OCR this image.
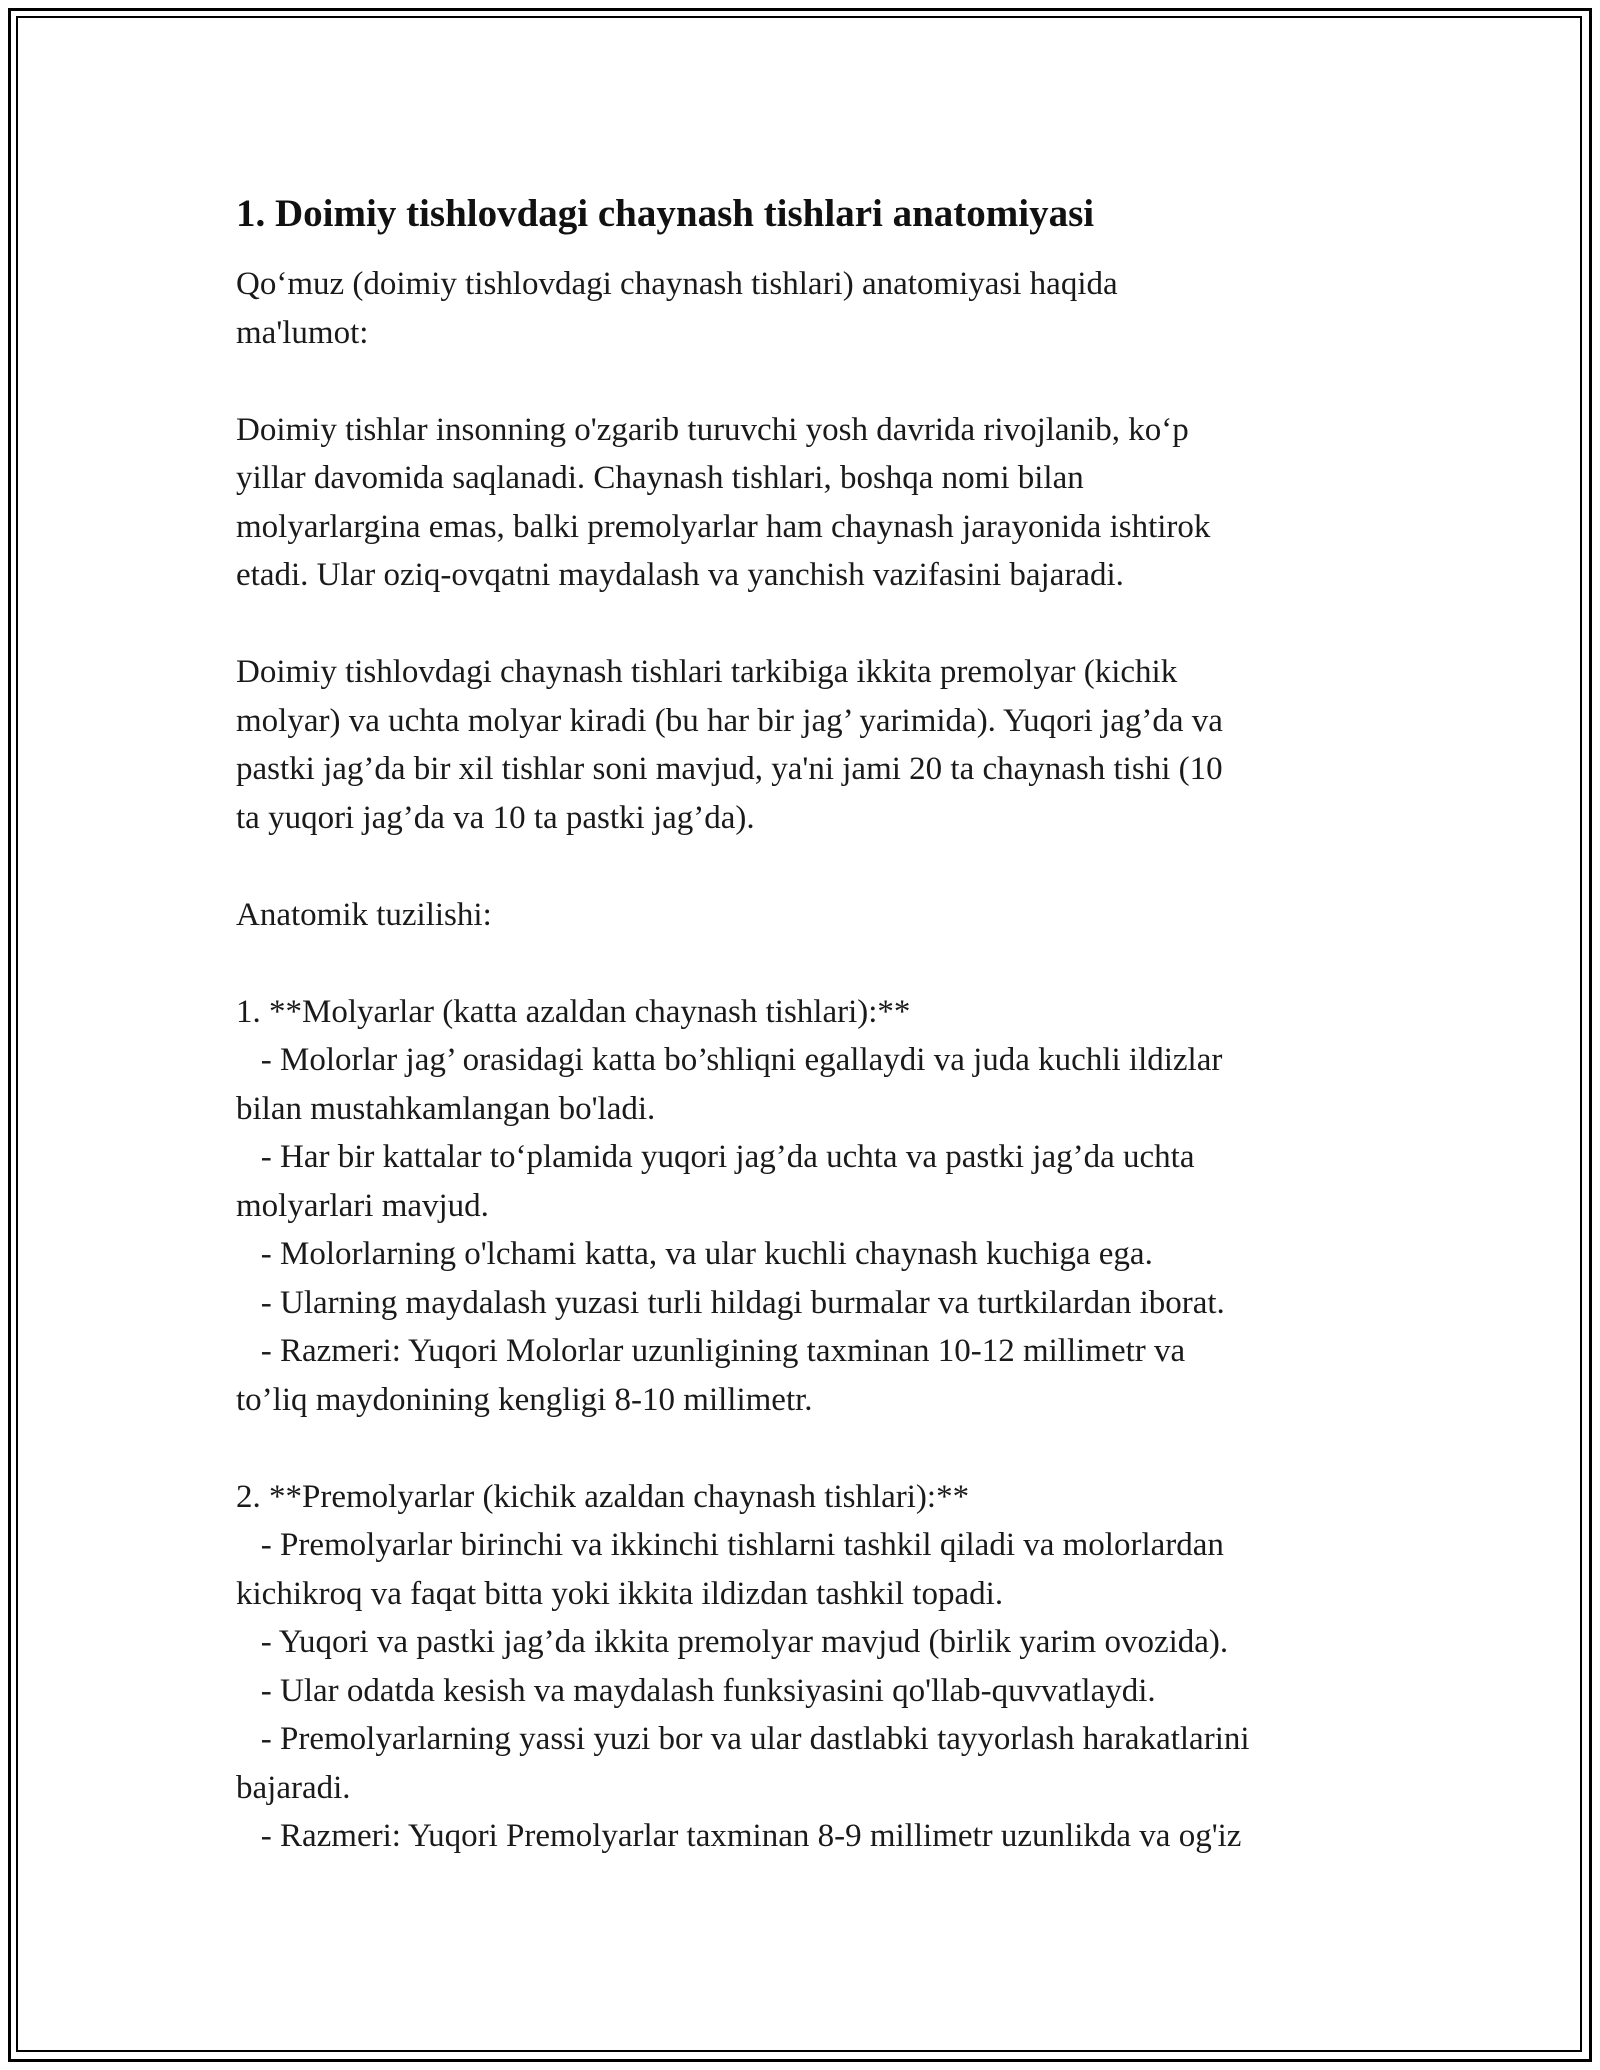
1. Doimiy tishlovdagi chaynash tishlari anatomiyasi

Qo‘muz (doimiy tishlovdagi chaynash tishlari) anatomiyasi haqida
ma'lumot:

Doimiy tishlar insonning o'zgarib turuvchi yosh davrida rivojlanib, ko‘p
yillar davomida saqlanadi. Chaynash tishlari, boshqa nomi bilan
molyarlargina emas, balki premolyarlar ham chaynash jarayonida ishtirok
etadi. Ular oziq-ovqatni maydalash va yanchish vazifasini bajaradi.

Doimiy tishlovdagi chaynash tishlari tarkibiga ikkita premolyar (kichik
molyar) va uchta molyar kiradi (bu har bir jag’ yarimida). Yuqori jag’da va
pastki jag’da bir xil tishlar soni mavjud, ya'ni jami 20 ta chaynash tishi (10
ta yuqori jag’da va 10 ta pastki jag’da).

Anatomik tuzilishi:

1. **Molyarlar (katta azaldan chaynash tishlari):**

- Molorlar jag’ orasidagi katta bo’shliqni egallaydi va juda kuchli ildizlar
bilan mustahkamlangan bo'ladi.

- Har bir kattalar to‘plamida yuqori jag’da uchta va pastki jag’da uchta
molyarlari mavjud.

- Molorlarning o'lchami katta, va ular kuchli chaynash kuchiga ega.

- Ularning maydalash yuzasi turli hildagi burmalar va turtkilardan iborat.

- Razmeri: Yuqori Molorlar uzunligining taxminan 10-12 millimetr va
to’liq maydonining kengligi 8-10 millimetr.

2. **Premolyarlar (kichik azaldan chaynash tishlari):**

- Premolyarlar birinchi va ikkinchi tishlarni tashkil qiladi va molorlardan
kichikroq va faqat bitta yoki ikkita ildizdan tashkil topadi.

- Yuqori va pastki jag’da ikkita premolyar mavjud (birlik yarim ovozida).

- Ular odatda kesish va maydalash funksiyasini qo'llab-quvvatlaydi.

- Premolyarlarning yassi yuzi bor va ular dastlabki tayyorlash harakatlarini
bajaradi.

- Razmeri: Yuqori Premolyarlar taxminan 8-9 millimetr uzunlikda va og'iz
